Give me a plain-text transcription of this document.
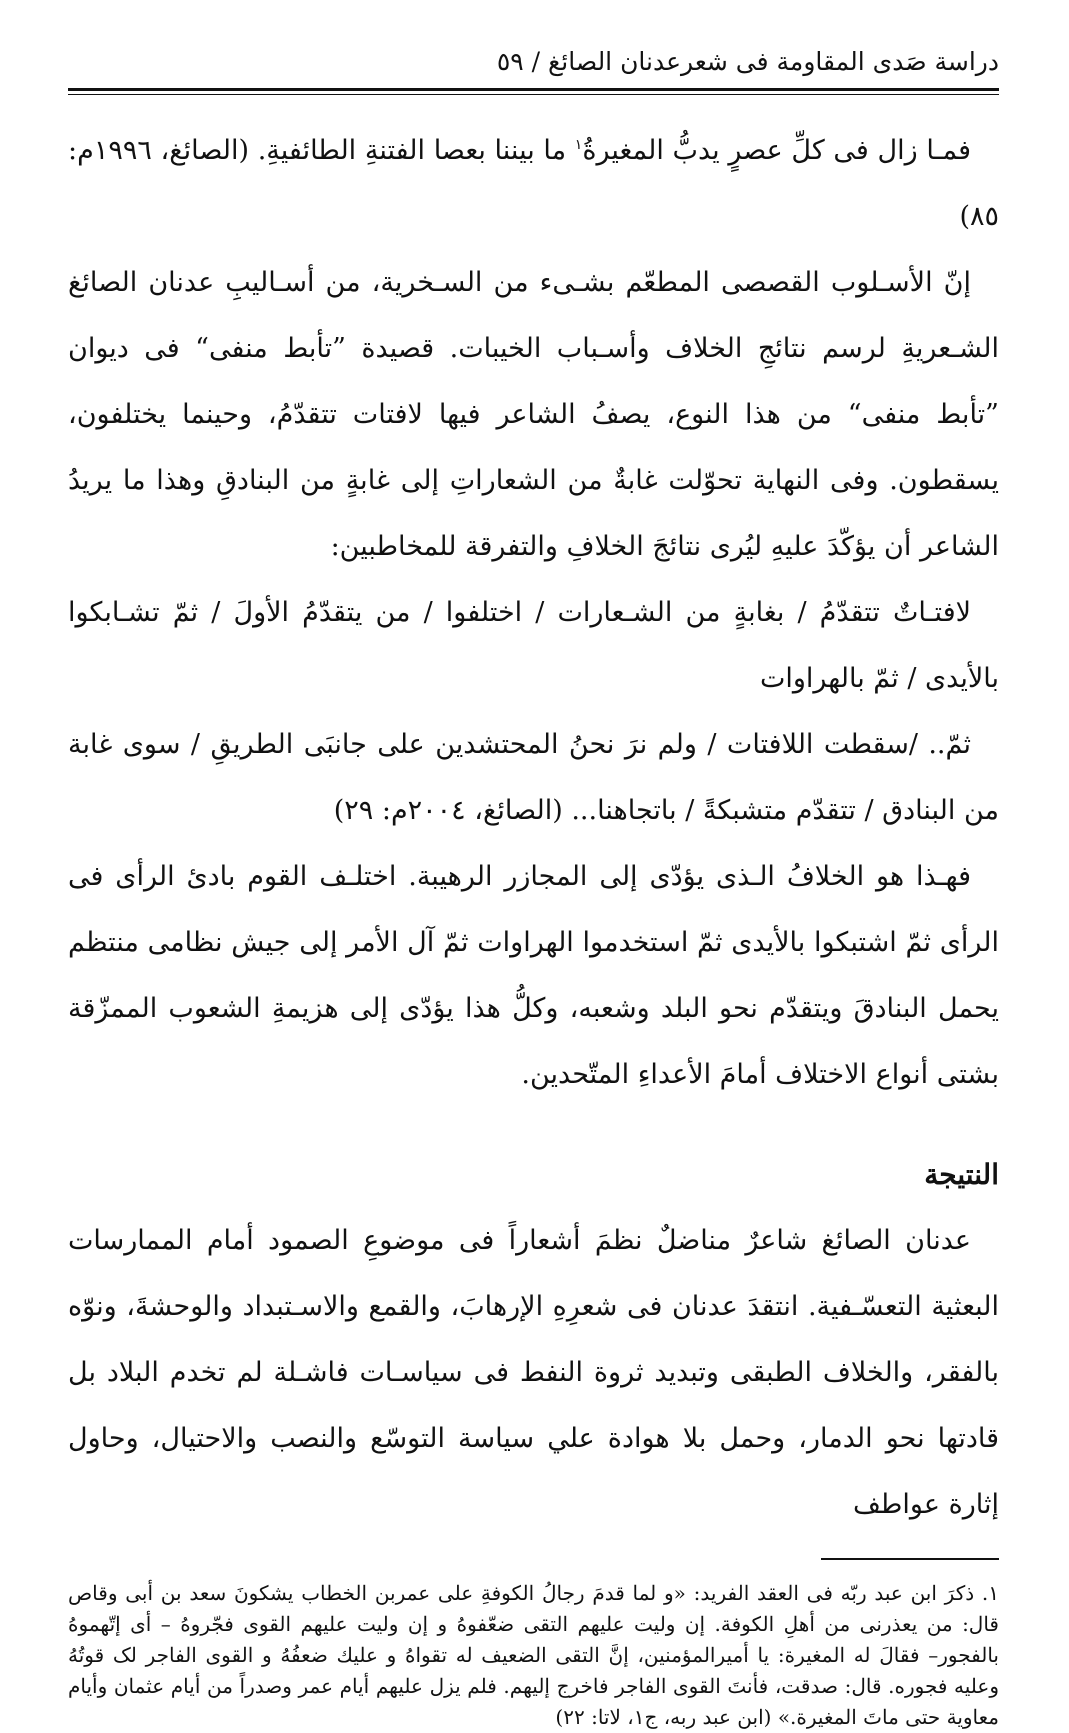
دراسة صَدى المقاومة فى شعرعدنان الصائغ / ٥٩

فمـا زال فى كلِّ عصرٍ يدبُّ المغيرةُ$^١$ ما بيننا بعصا الفتنةِ الطائفيةِ. (الصائغ، ١٩٩٦م: ٨٥)

إنّ الأسـلوب القصصى المطعّم بشـىء من السـخرية، من أسـاليبِ عدنان الصائغ الشـعريةِ لرسم نتائجِ الخلاف وأسـباب الخيبات. قصيدة ”تأبط منفى“ فى ديوان ”تأبط منفى“ من هذا النوع، يصفُ الشاعر فيها لافتات تتقدّمُ، وحينما يختلفون، يسقطون. وفى النهاية تحوّلت غابةٌ من الشعاراتِ إلى غابةٍ من البنادقِ وهذا ما يريدُ الشاعر أن يؤكّدَ عليهِ ليُرى نتائجَ الخلافِ والتفرقة للمخاطبين:

لافتـاتٌ تتقدّمُ / بغابةٍ من الشـعارات / اختلفوا / من يتقدّمُ الأولَ / ثمّ تشـابكوا بالأيدى / ثمّ بالهراوات

ثمّ.. /سقطت اللافتات / ولم نرَ نحنُ المحتشدين على جانبَى الطريقِ / سوى غابة من البنادق / تتقدّم متشبكةً / باتجاهنا... (الصائغ، ٢٠٠٤م: ٢٩)

فهـذا هو الخلافُ الـذى يؤدّى إلى المجازر الرهيبة. اختلـف القوم بادئ الرأى فى الرأى ثمّ اشتبكوا بالأيدى ثمّ استخدموا الهراوات ثمّ آل الأمر إلى جيش نظامى منتظم يحمل البنادقَ ويتقدّم نحو البلد وشعبه، وكلُّ هذا يؤدّى إلى هزيمةِ الشعوب الممزّقة بشتى أنواع الاختلاف أمامَ الأعداءِ المتّحدين.

النتيجة

عدنان الصائغ شاعرٌ مناضلٌ نظمَ أشعاراً فى موضوعِ الصمود أمام الممارسات البعثية التعسّـفية. انتقدَ عدنان فى شعرِهِ الإرهابَ، والقمع والاسـتبداد والوحشةَ، ونوّه بالفقر، والخلاف الطبقى وتبديد ثروة النفط فى سياسـات فاشـلة لم تخدم البلاد بل قادتها نحو الدمار، وحمل بلا هوادة علي سياسة التوسّع والنصب والاحتيال، وحاول إثارة عواطف

١. ذكرَ ابن عبد ربّه فى العقد الفريد: «و لما قدمَ رجالُ الكوفةِ على عمربن الخطاب يشكونَ سعد بن أبى وقاص قال: من يعذرنى من أهلِ الكوفة. إن وليت عليهم التقى ضعّفوهُ و إن وليت عليهم القوى فجّروهُ – أى إتّهموهُ بالفجور– فقالَ له المغيرة: يا أميرالمؤمنين، إنَّ التقى الضعيف له تقواهُ و عليك ضعفُهُ و القوى الفاجر لک قوتُهُ وعليه فجوره. قال: صدقت، فأنتَ القوى الفاجر فاخرج إليهم. فلم يزل عليهم أيام عمر وصدراً من أيام عثمان وأيام معاوية حتى ماتَ المغيرة.» (ابن عبد ربه، ج١، لاتا: ٢٢)
